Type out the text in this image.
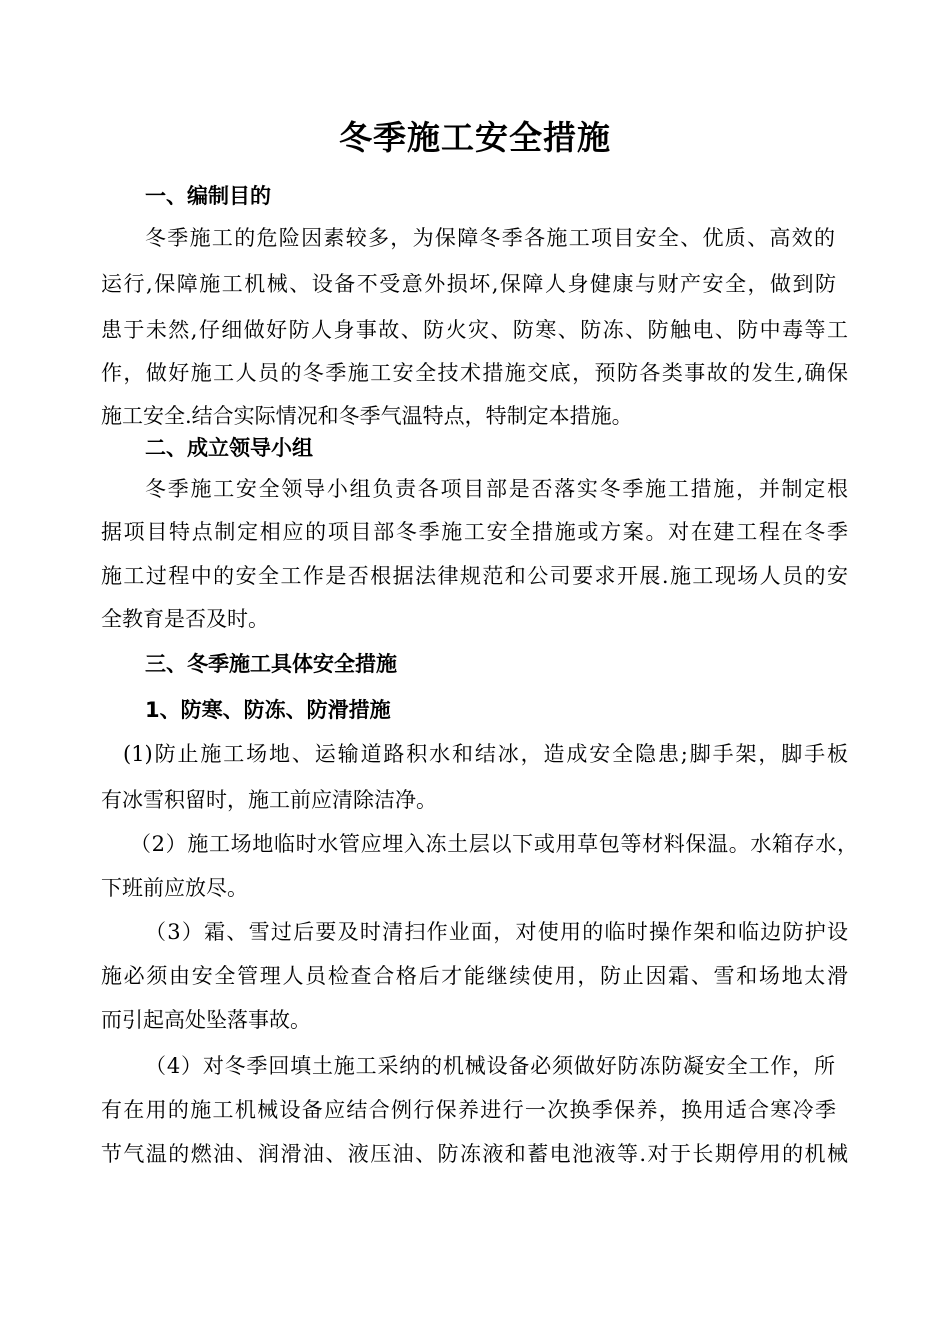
冬季施工安全措施
一、编制目的
冬季施工的危险因素较多，为保障冬季各施工项目安全、优质、高效的
运行,保障施工机械、设备不受意外损坏,保障人身健康与财产安全，做到防
患于未然,仔细做好防人身事故、防火灾、防寒、防冻、防触电、防中毒等工
作，做好施工人员的冬季施工安全技术措施交底，预防各类事故的发生,确保
施工安全.结合实际情况和冬季气温特点，特制定本措施。
二、成立领导小组
冬季施工安全领导小组负责各项目部是否落实冬季施工措施，并制定根
据项目特点制定相应的项目部冬季施工安全措施或方案。对在建工程在冬季
施工过程中的安全工作是否根据法律规范和公司要求开展.施工现场人员的安
全教育是否及时。
三、冬季施工具体安全措施
1、防寒、防冻、防滑措施
(1)防止施工场地、运输道路积水和结冰，造成安全隐患;脚手架，脚手板
有冰雪积留时，施工前应清除洁净。
（2）施工场地临时水管应埋入冻土层以下或用草包等材料保温。水箱存水，
下班前应放尽。
（3）霜、雪过后要及时清扫作业面，对使用的临时操作架和临边防护设
施必须由安全管理人员检查合格后才能继续使用，防止因霜、雪和场地太滑
而引起高处坠落事故。
（4）对冬季回填土施工采纳的机械设备必须做好防冻防凝安全工作，所
有在用的施工机械设备应结合例行保养进行一次换季保养，换用适合寒冷季
节气温的燃油、润滑油、液压油、防冻液和蓄电池液等.对于长期停用的机械
